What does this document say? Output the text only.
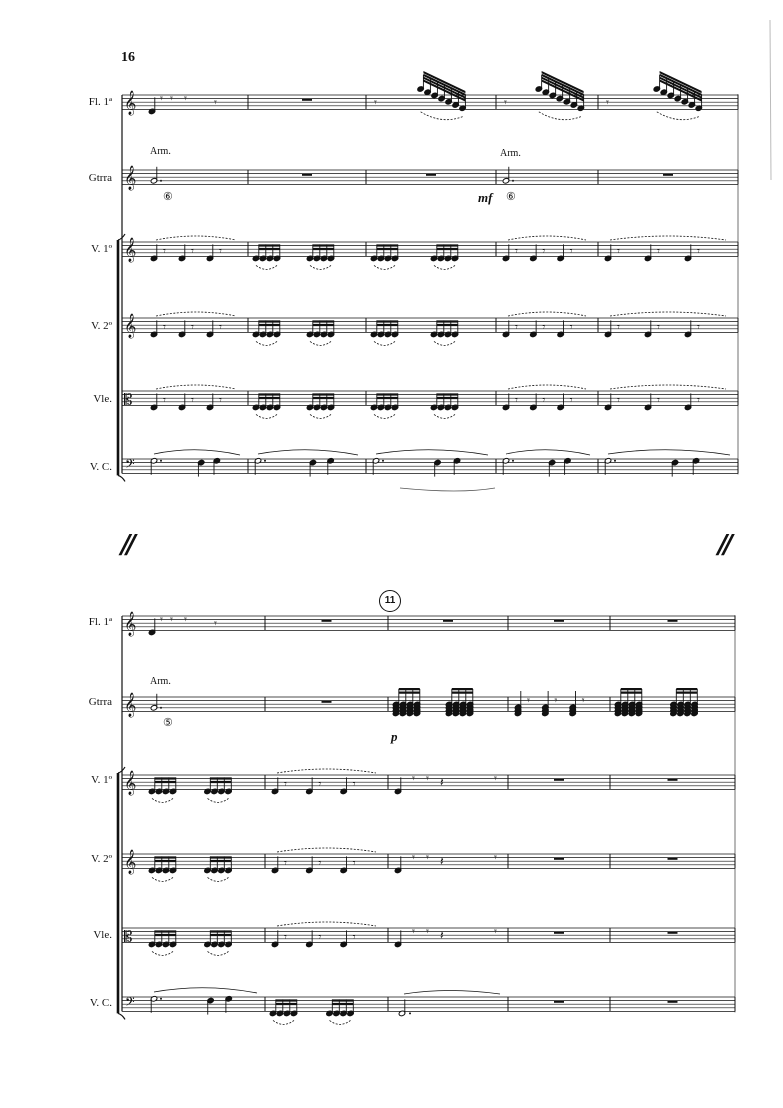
16
Fl. 1ª
Gtrra
V. 1º
V. 2º
Vle.
V. C.
Arm.	Arm.
⑥	⑥
mf
//	//
Fl. 1ª
Gtrra
V. 1º
V. 2º
Vle.
V. C.
Arm.
⑤
11
p
𝄞
𝄞
𝄞
𝄞
𝄡
𝄢
𝄾 𝄾 𝄾 𝄾
𝄾 𝄾 𝄾
𝄾 𝄾 𝄾
𝄾 𝄾 𝄾
𝄾	𝄾
𝄾 𝄾 𝄾
𝄾 𝄾 𝄾
𝄾 𝄾 𝄾
𝄾
𝄾	𝄾	𝄾
𝄾	𝄾	𝄾
𝄾	𝄾	𝄾
𝄞
𝄞
𝄞
𝄞
𝄡
𝄢
𝄾 𝄾 𝄾 𝄾
𝄾	𝄾	𝄾
𝄾	𝄾	𝄾
𝄾	𝄾	𝄾
𝄾 𝄾 𝄽	𝄾
𝄾 𝄾 𝄽	𝄾
𝄾 𝄾 𝄽	𝄾
𝄾 𝄾 𝄾
